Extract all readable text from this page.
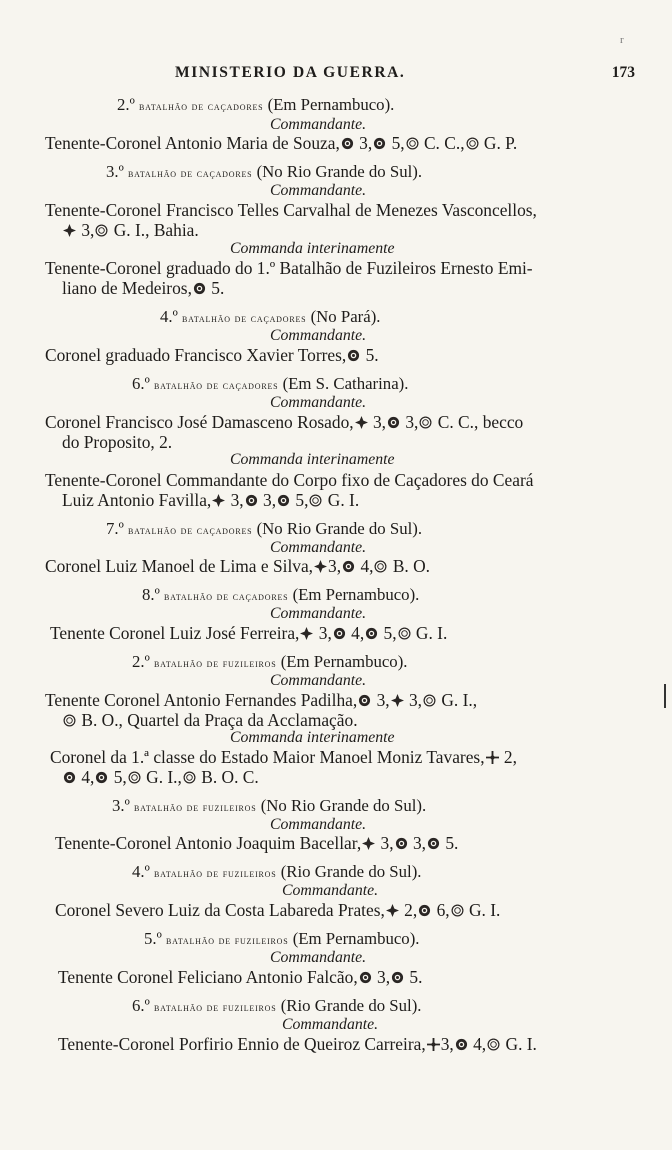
r
MINISTERIO DA GUERRA.	173
2.º batalhão de caçadores (Em Pernambuco).
Commandante.
Tenente-Coronel Antonio Maria de Souza, 3, 5, C. C., G. P.
3.º batalhão de caçadores (No Rio Grande do Sul).
Commandante.
Tenente-Coronel Francisco Telles Carvalhal de Menezes Vasconcellos,
3, G. I., Bahia.
Commanda interinamente
Tenente-Coronel graduado do 1.º Batalhão de Fuzileiros Ernesto Emi-
liano de Medeiros, 5.
4.º batalhão de caçadores (No Pará).
Commandante.
Coronel graduado Francisco Xavier Torres, 5.
6.º batalhão de caçadores (Em S. Catharina).
Commandante.
Coronel Francisco José Damasceno Rosado, 3, 3, C. C., becco
do Proposito, 2.
Commanda interinamente
Tenente-Coronel Commandante do Corpo fixo de Caçadores do Ceará
Luiz Antonio Favilla, 3, 3, 5, G. I.
7.º batalhão de caçadores (No Rio Grande do Sul).
Commandante.
Coronel Luiz Manoel de Lima e Silva, 3, 4, B. O.
8.º batalhão de caçadores (Em Pernambuco).
Commandante.
Tenente Coronel Luiz José Ferreira, 3, 4, 5, G. I.
2.º batalhão de fuzileiros (Em Pernambuco).
Commandante.
Tenente Coronel Antonio Fernandes Padilha, 3, 3, G. I.,
B. O., Quartel da Praça da Acclamação.
Commanda interinamente
Coronel da 1.ª classe do Estado Maior Manoel Moniz Tavares, 2,
4, 5, G. I., B. O. C.
3.º batalhão de fuzileiros (No Rio Grande do Sul).
Commandante.
Tenente-Coronel Antonio Joaquim Bacellar, 3, 3, 5.
4.º batalhão de fuzileiros (Rio Grande do Sul).
Commandante.
Coronel Severo Luiz da Costa Labareda Prates, 2, 6, G. I.
5.º batalhão de fuzileiros (Em Pernambuco).
Commandante.
Tenente Coronel Feliciano Antonio Falcão, 3, 5.
6.º batalhão de fuzileiros (Rio Grande do Sul).
Commandante.
Tenente-Coronel Porfirio Ennio de Queiroz Carreira, 3, 4, G. I.
